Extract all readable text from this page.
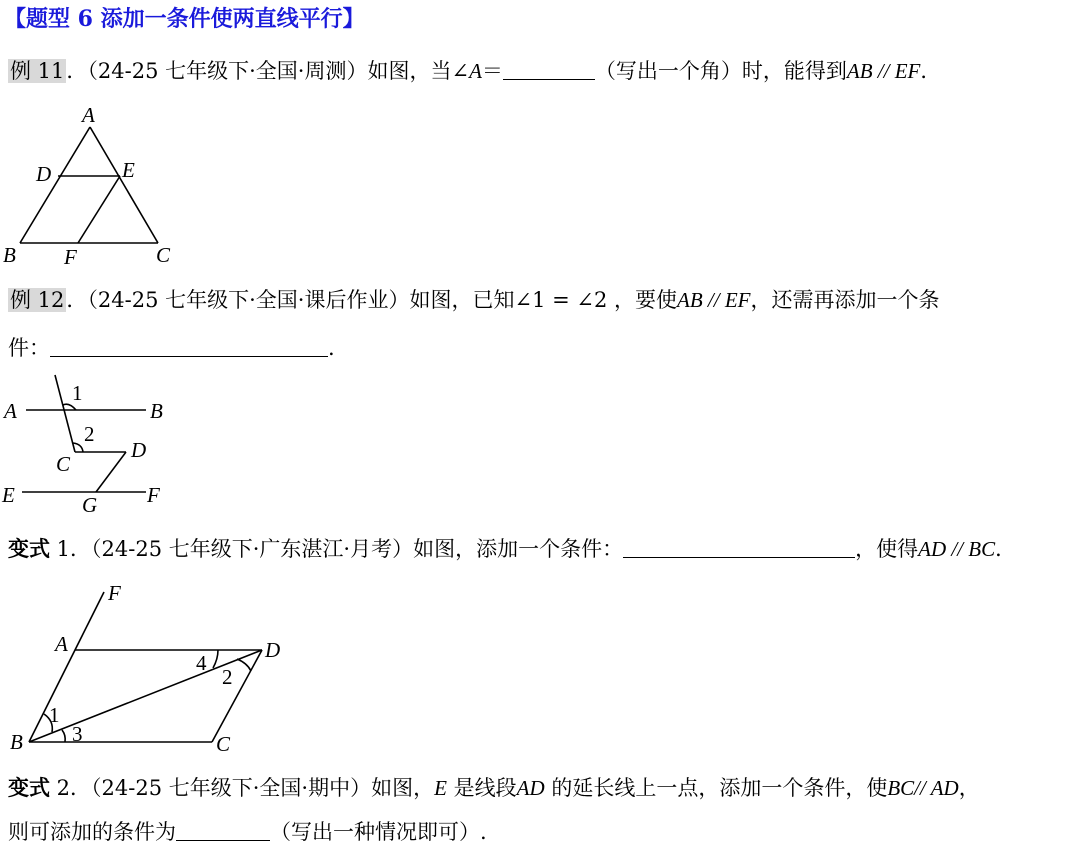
【题型 6 添加一条件使两直线平行】
例 11．（24-25 七年级下·全国·周测）如图，当∠A＝	（写出一个角）时，能得到AB // EF．
A
D	E
B F	C
例 12．（24-25 七年级下·全国·课后作业）如图，已知∠1 = ∠2 ，要使AB // EF，还需再添加一个条
件：	.
A	B
1
2
C
D
E	G F
变式 1．（24-25 七年级下·广东湛江·月考）如图，添加一个条件：	，使得AD // BC．
F
A	D
4
2
1
3
B	C
变式 2．（24-25 七年级下·全国·期中）如图，E 是线段AD 的延长线上一点，添加一个条件，使BC// AD，
则可添加的条件为	（写出一种情况即可）.
